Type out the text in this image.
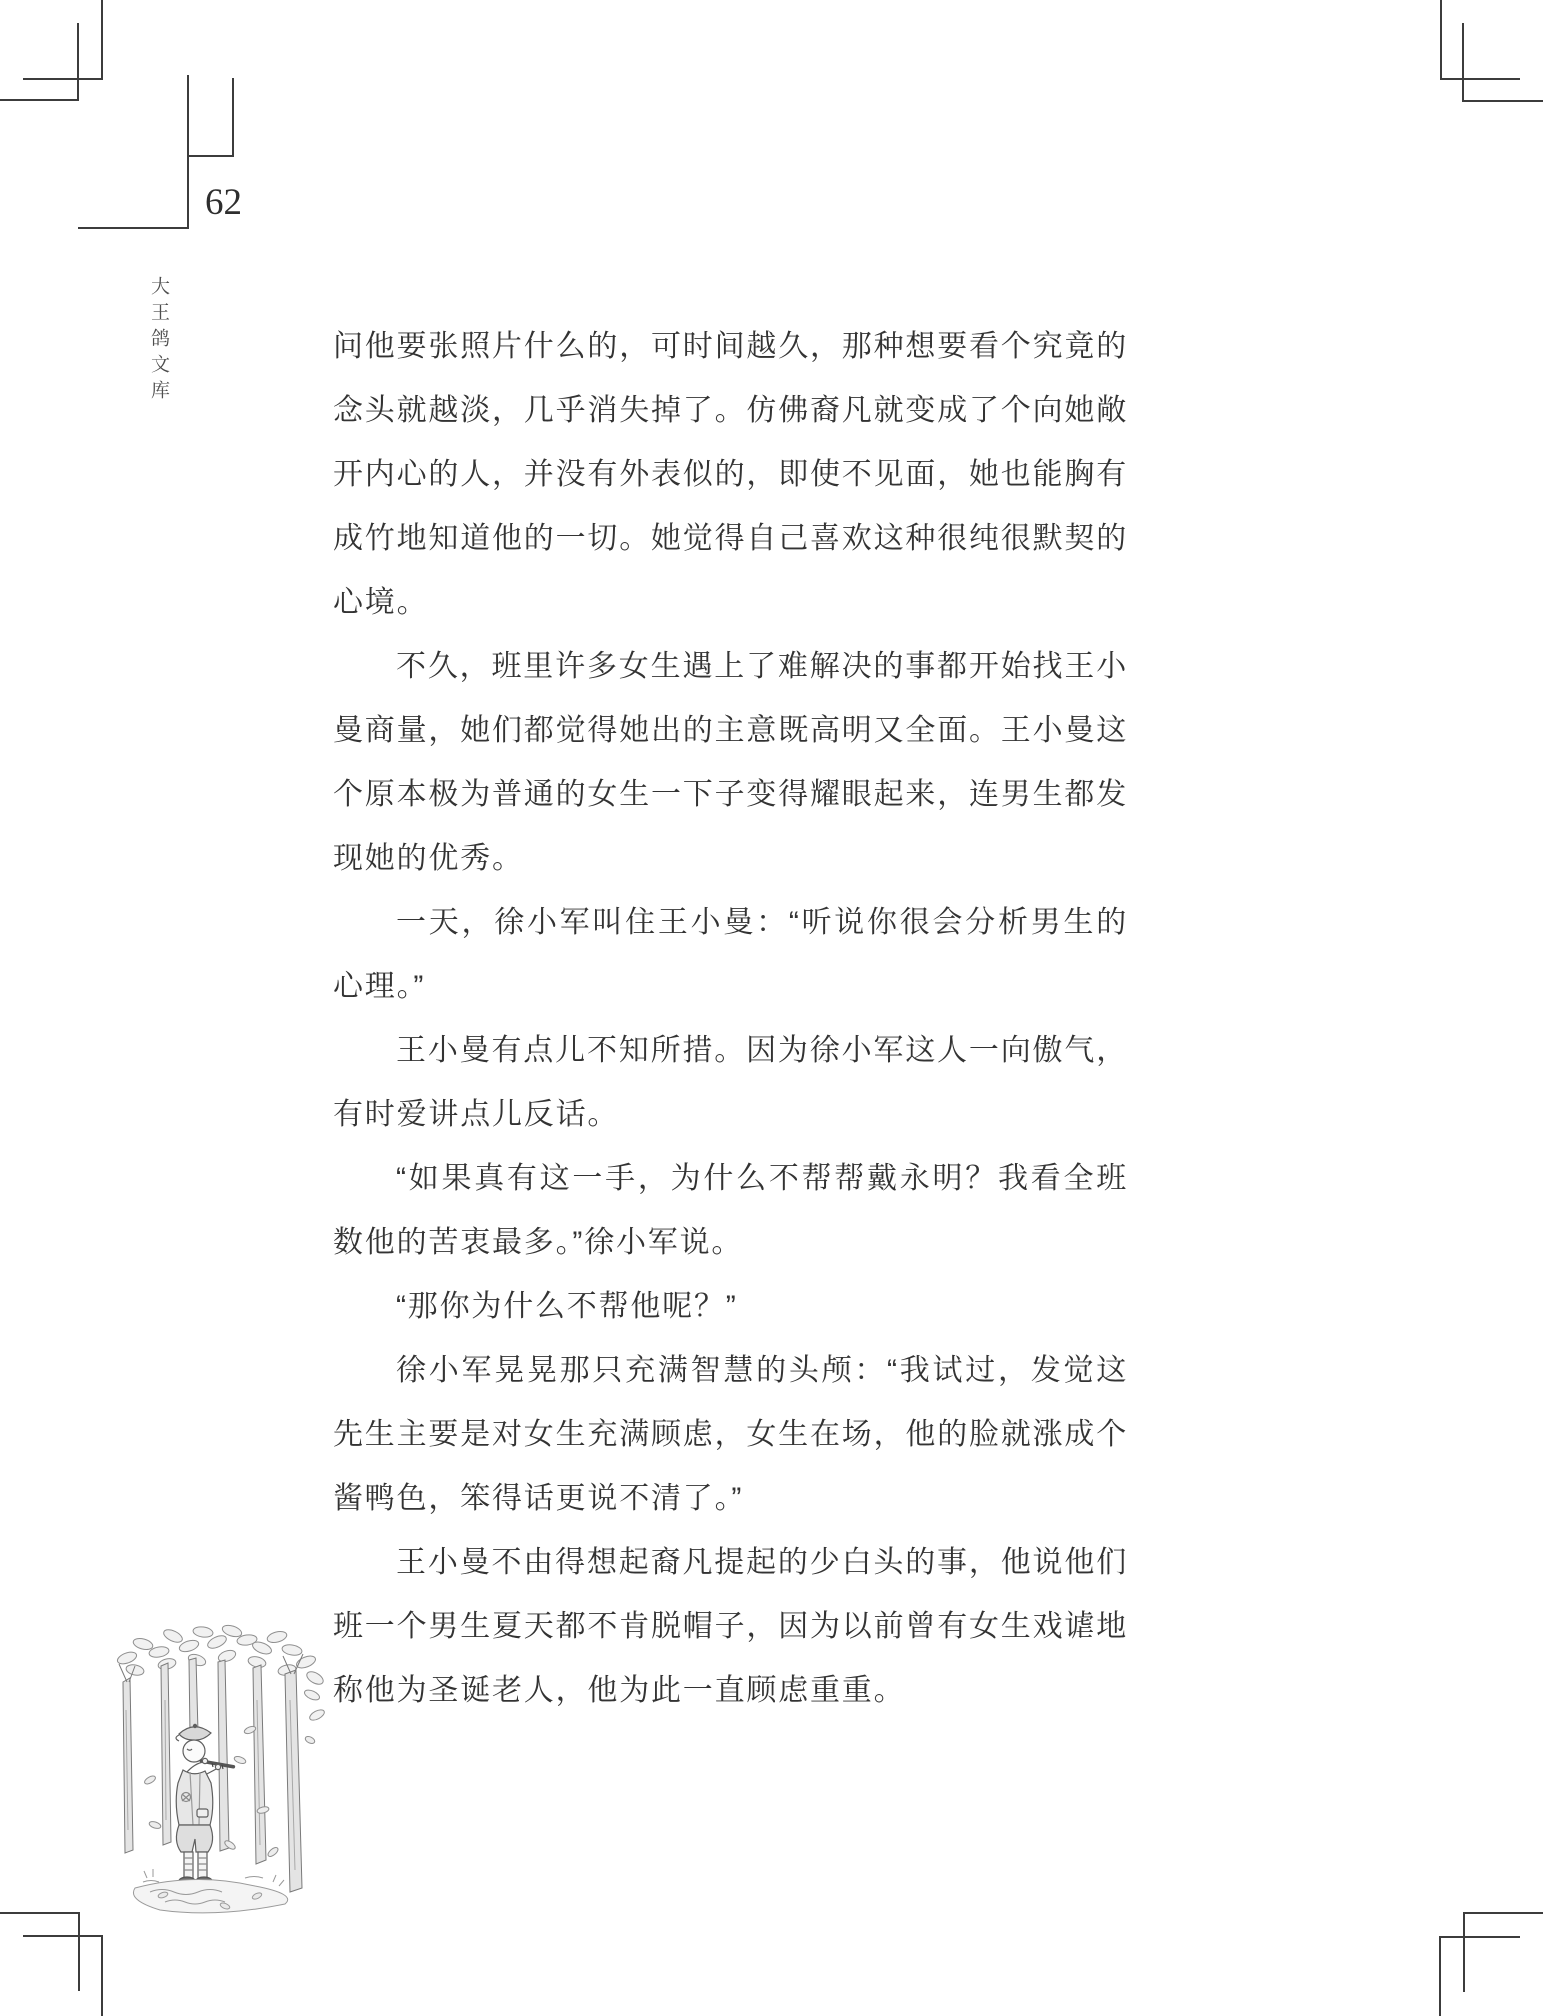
62
大王鸽文库	问他要张照片什么的，可时间越久，那种想要看个究竟的念头就越淡，几乎消失掉了。仿佛裔凡就变成了个向她敞开内心的人，并没有外表似的，即使不见面，她也能胸有成竹地知道他的一切。她觉得自己喜欢这种很纯很默契的心境。

不久，班里许多女生遇上了难解决的事都开始找王小曼商量，她们都觉得她出的主意既高明又全面。王小曼这个原本极为普通的女生一下子变得耀眼起来，连男生都发现她的优秀。

一天，徐小军叫住王小曼：“听说你很会分析男生的心理。”

王小曼有点儿不知所措。因为徐小军这人一向傲气，有时爱讲点儿反话。

“如果真有这一手，为什么不帮帮戴永明？我看全班数他的苦衷最多。”徐小军说。

“那你为什么不帮他呢？”

徐小军晃晃那只充满智慧的头颅：“我试过，发觉这先生主要是对女生充满顾虑，女生在场，他的脸就涨成个酱鸭色，笨得话更说不清了。”

王小曼不由得想起裔凡提起的少白头的事，他说他们班一个男生夏天都不肯脱帽子，因为以前曾有女生戏谑地称他为圣诞老人，他为此一直顾虑重重。
